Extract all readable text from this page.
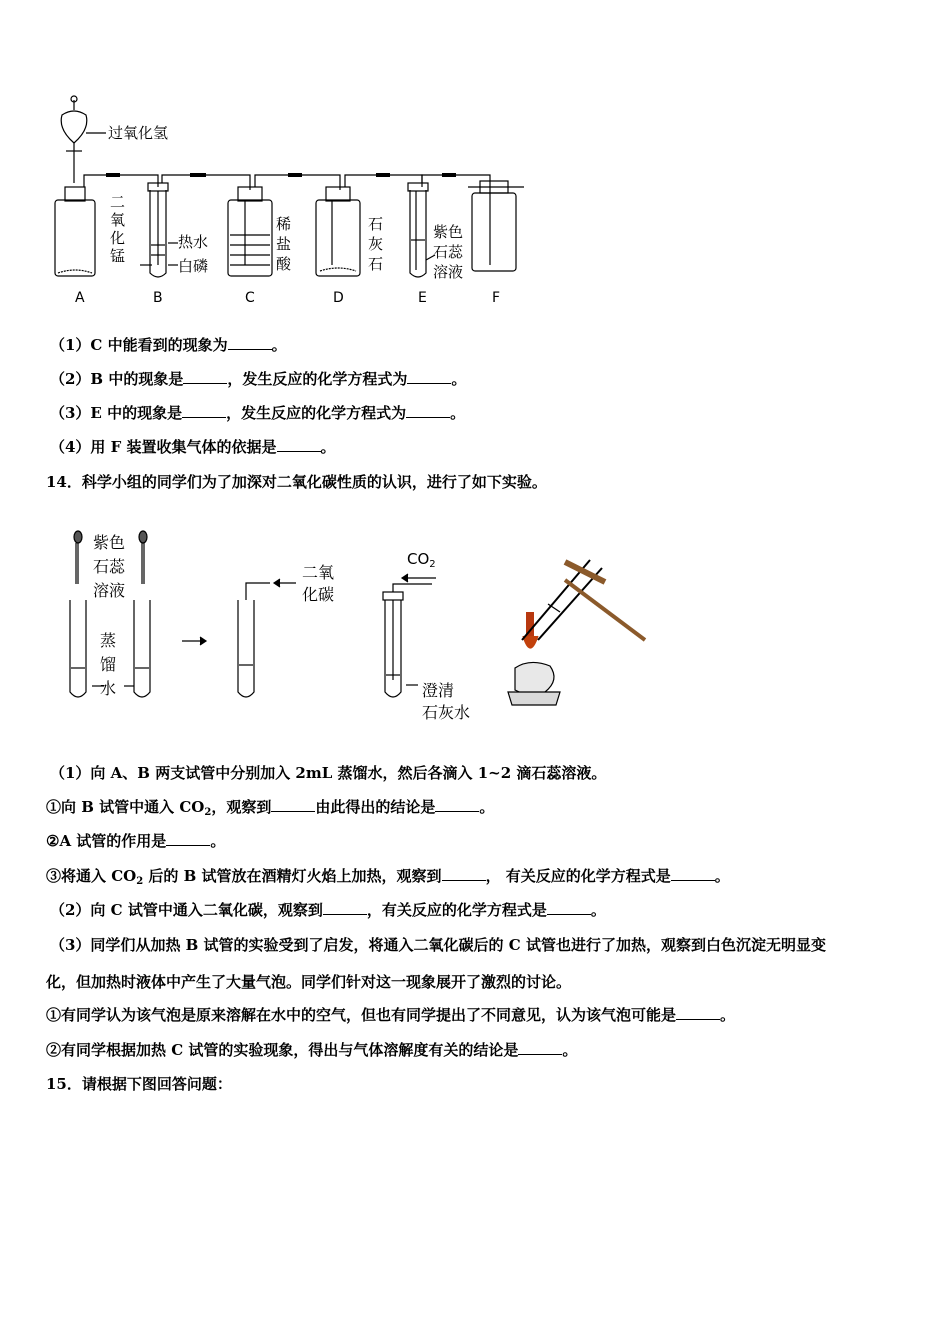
过氧化氢
二
氧
化
锰
热水
白磷
稀
盐
酸
石
灰
石
紫色
石蕊
溶液
A	B	C	D	E	F
（1）C 中能看到的现象为	。
（2）B 中的现象是	，发生反应的化学方程式为	。
（3）E 中的现象是	，发生反应的化学方程式为	。
（4）用 F 装置收集气体的依据是	。
14．科学小组的同学们为了加深对二氧化碳性质的认识，进行了如下实验。
紫色
石蕊
溶液
蒸
馏
水
二氧
化碳
$CO_2$
澄清
石灰水
（1）向 A、B 两支试管中分别加入 2mL 蒸馏水，然后各滴入 1~2 滴石蕊溶液。
①向 B 试管中通入 $CO_2$，观察到	由此得出的结论是	。
②A 试管的作用是	。
③将通入 $CO_2$ 后的 B 试管放在酒精灯火焰上加热，观察到	， 有关反应的化学方程式是	。
（2）向 C 试管中通入二氧化碳，观察到	，有关反应的化学方程式是	。
（3）同学们从加热 B 试管的实验受到了启发，将通入二氧化碳后的 C 试管也进行了加热，观察到白色沉淀无明显变
化，但加热时液体中产生了大量气泡。同学们针对这一现象展开了激烈的讨论。
①有同学认为该气泡是原来溶解在水中的空气，但也有同学提出了不同意见，认为该气泡可能是	。
②有同学根据加热 C 试管的实验现象，得出与气体溶解度有关的结论是	。
15．请根据下图回答问题：
